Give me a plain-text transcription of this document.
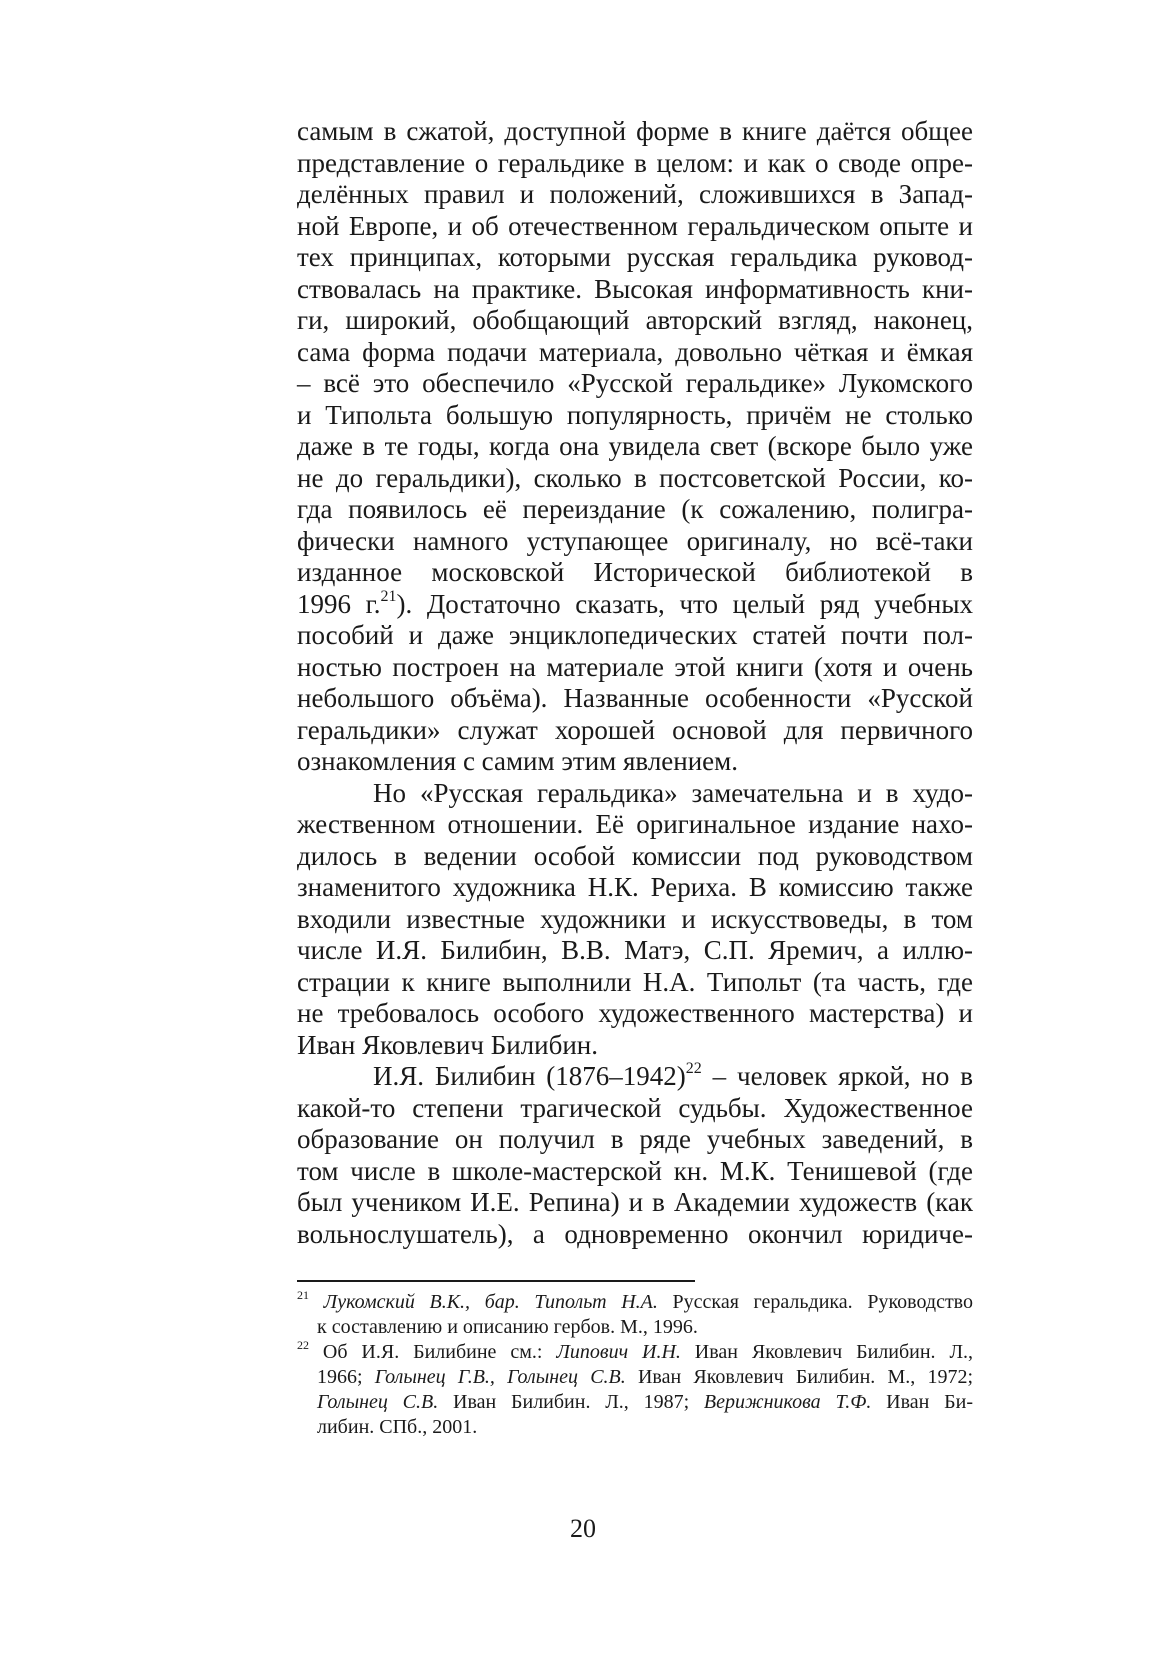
самым в сжатой, доступной форме в книге даётся общее
представление о геральдике в целом: и как о своде опре-
делённых правил и положений, сложившихся в Запад-
ной Европе, и об отечественном геральдическом опыте и
тех принципах, которыми русская геральдика руковод-
ствовалась на практике. Высокая информативность кни-
ги, широкий, обобщающий авторский взгляд, наконец,
сама форма подачи материала, довольно чёткая и ёмкая
– всё это обеспечило «Русской геральдике» Лукомского
и Типольта большую популярность, причём не столько
даже в те годы, когда она увидела свет (вскоре было уже
не до геральдики), сколько в постсоветской России, ко-
гда появилось её переиздание (к сожалению, полигра-
фически намного уступающее оригиналу, но всё-таки
изданное московской Исторической библиотекой в
1996 г.$^{21}$). Достаточно сказать, что целый ряд учебных
пособий и даже энциклопедических статей почти пол-
ностью построен на материале этой книги (хотя и очень
небольшого объёма). Названные особенности «Русской
геральдики» служат хорошей основой для первичного
ознакомления с самим этим явлением.
Но «Русская геральдика» замечательна и в худо-
жественном отношении. Её оригинальное издание нахо-
дилось в ведении особой комиссии под руководством
знаменитого художника Н.К. Рериха. В комиссию также
входили известные художники и искусствоведы, в том
числе И.Я. Билибин, В.В. Матэ, С.П. Яремич, а иллю-
страции к книге выполнили Н.А. Типольт (та часть, где
не требовалось особого художественного мастерства) и
Иван Яковлевич Билибин.
И.Я. Билибин (1876–1942)$^{22}$ – человек яркой, но в
какой-то степени трагической судьбы. Художественное
образование он получил в ряде учебных заведений, в
том числе в школе-мастерской кн. М.К. Тенишевой (где
был учеником И.Е. Репина) и в Академии художеств (как
вольнослушатель), а одновременно окончил юридиче-
$^{21}$ Лукомский В.К., бар. Типольт Н.А. Русская геральдика. Руководство
к составлению и описанию гербов. М., 1996.
$^{22}$ Об И.Я. Билибине см.: Липович И.Н. Иван Яковлевич Билибин. Л.,
1966; Голынец Г.В., Голынец С.В. Иван Яковлевич Билибин. М., 1972;
Голынец С.В. Иван Билибин. Л., 1987; Верижникова Т.Ф. Иван Би-
либин. СПб., 2001.
20
